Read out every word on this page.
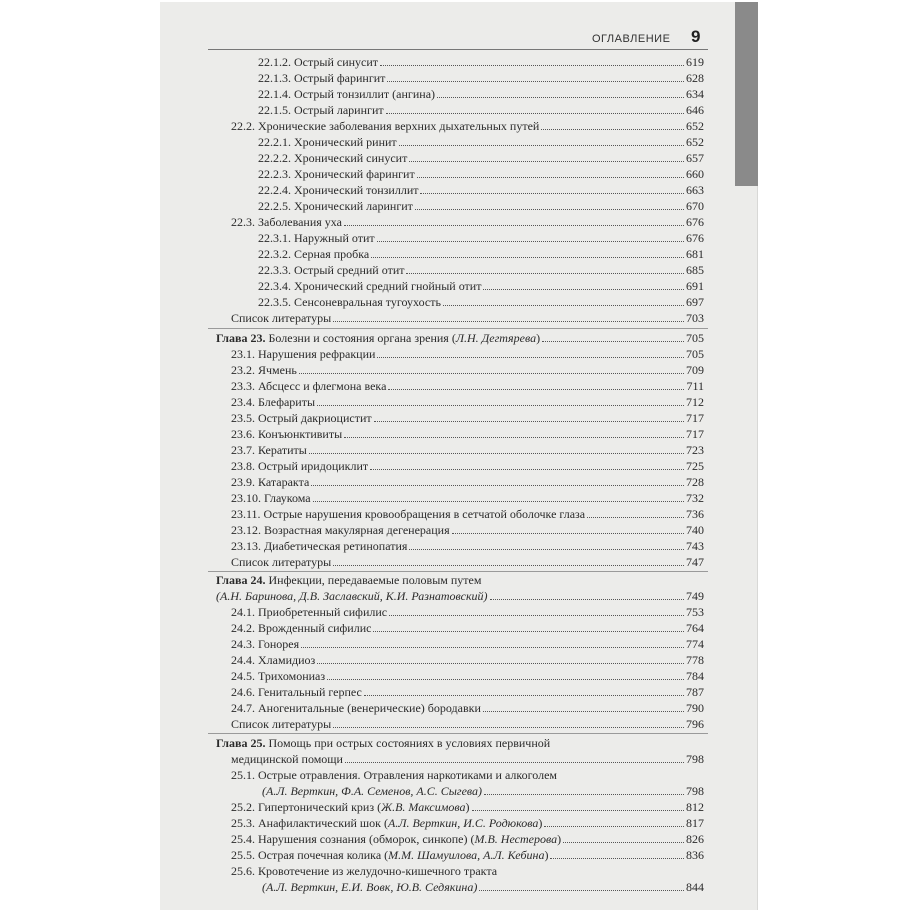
ОГЛАВЛЕНИЕ 9
22.1.2. Острый синусит	619
22.1.3. Острый фарингит	628
22.1.4. Острый тонзиллит (ангина)	634
22.1.5. Острый ларингит	646
22.2. Хронические заболевания верхних дыхательных путей	652
22.2.1. Хронический ринит	652
22.2.2. Хронический синусит	657
22.2.3. Хронический фарингит	660
22.2.4. Хронический тонзиллит	663
22.2.5. Хронический ларингит	670
22.3. Заболевания уха	676
22.3.1. Наружный отит	676
22.3.2. Серная пробка	681
22.3.3. Острый средний отит	685
22.3.4. Хронический средний гнойный отит	691
22.3.5. Сенсоневральная тугоухость	697
Список литературы	703
Глава 23. Болезни и состояния органа зрения (Л.Н. Дегтярева)	705
23.1. Нарушения рефракции	705
23.2. Ячмень	709
23.3. Абсцесс и флегмона века	711
23.4. Блефариты	712
23.5. Острый дакриоцистит	717
23.6. Конъюнктивиты	717
23.7. Кератиты	723
23.8. Острый иридоциклит	725
23.9. Катаракта	728
23.10. Глаукома	732
23.11. Острые нарушения кровообращения в сетчатой оболочке глаза	736
23.12. Возрастная макулярная дегенерация	740
23.13. Диабетическая ретинопатия	743
Список литературы	747
Глава 24. Инфекции, передаваемые половым путем
(А.Н. Баринова, Д.В. Заславский, К.И. Разнатовский)	749
24.1. Приобретенный сифилис	753
24.2. Врожденный сифилис	764
24.3. Гонорея	774
24.4. Хламидиоз	778
24.5. Трихомониаз	784
24.6. Генитальный герпес	787
24.7. Аногенитальные (венерические) бородавки	790
Список литературы	796
Глава 25. Помощь при острых состояниях в условиях первичной
медицинской помощи	798
25.1. Острые отравления. Отравления наркотиками и алкоголем
(А.Л. Верткин, Ф.А. Семенов, А.С. Сыгева)	798
25.2. Гипертонический криз (Ж.В. Максимова)	812
25.3. Анафилактический шок (А.Л. Верткин, И.С. Родюкова)	817
25.4. Нарушения сознания (обморок, синкопе) (М.В. Нестерова)	826
25.5. Острая почечная колика (М.М. Шамуилова, А.Л. Кебина)	836
25.6. Кровотечение из желудочно-кишечного тракта
(А.Л. Верткин, Е.И. Вовк, Ю.В. Седякина)	844
